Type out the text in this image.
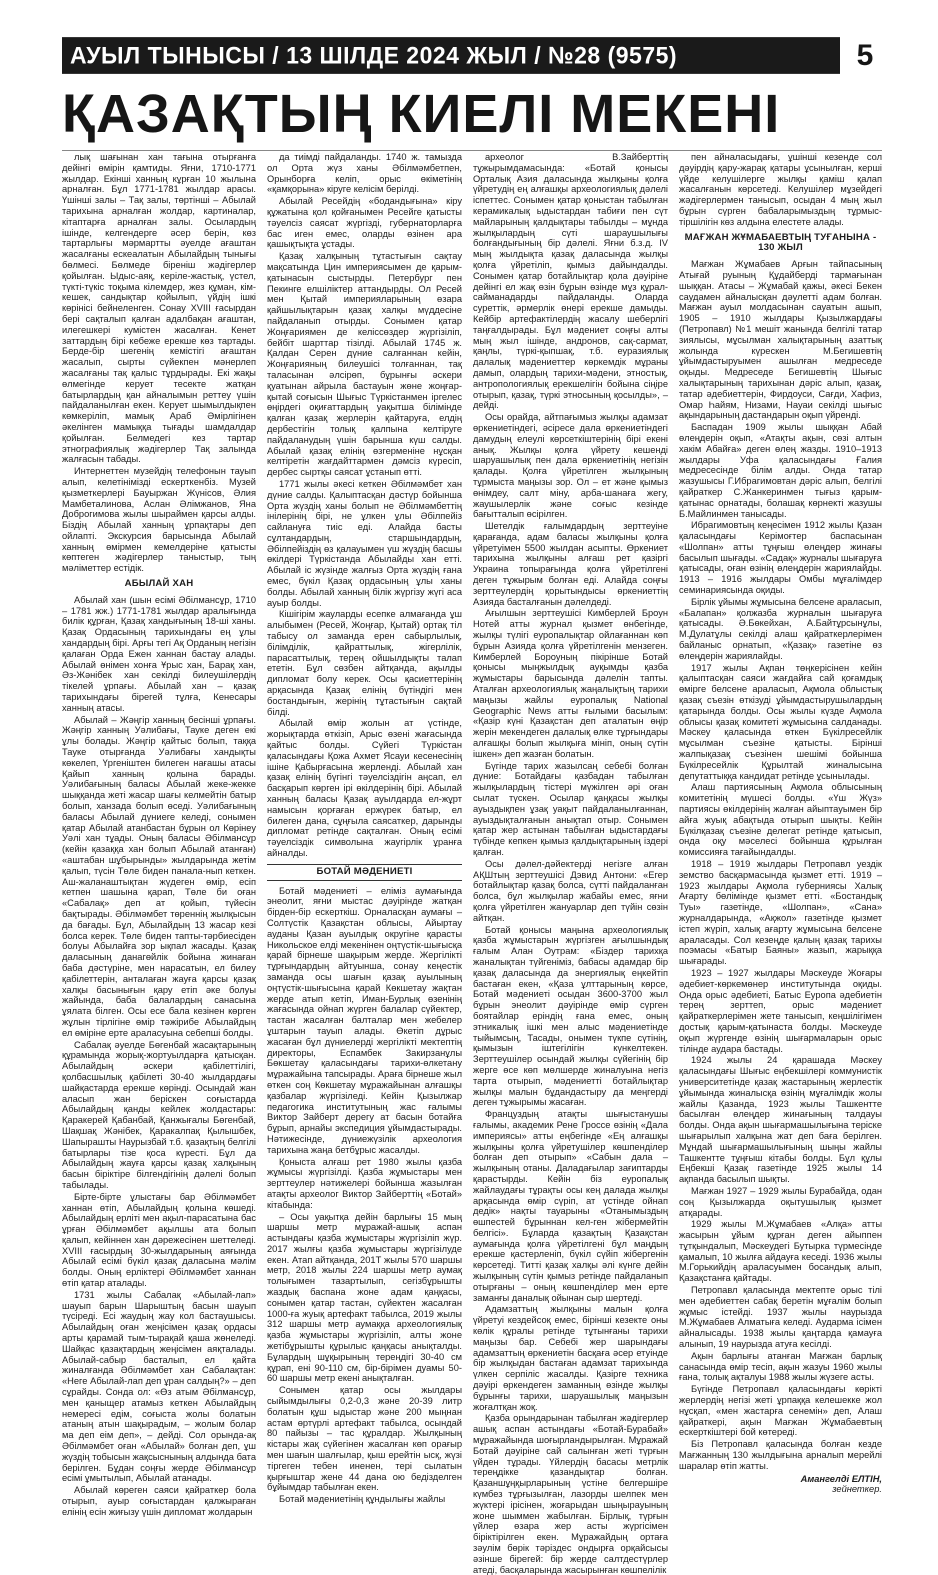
АУЫЛ ТЫНЫСЫ / 13 ШІЛДЕ 2024 ЖЫЛ / №28 (9575)	5
ҚАЗАҚТЫҢ КИЕЛІ МЕКЕНІ

лық шағынан хан тағына отырғанға дейінгі өмірін қамтиды. Яғни, 1710-1771 жылдар. Екінші ханның кұрған 10 жылына арналған. Бұл 1771-1781 жылдар арасы. Үшінші залы – Тақ залы, төртінші – Абылай тарихына арналған жолдар, картиналар, кітаптарға арналған залы. Осылардың ішінде, келгендерге әсер берін, көз тартарлығы мәрмартты әуелде ағаштан жасалғаны ескеалатын Абылайдың тынығы бөлмесі. Бөлмеде біреніш жәдігерлер қойылған. Ыдыс-аяқ, керіле-жастық, үстел, түкті-түкіс тоқыма кілемдер, жез құман, кім-кешек, сандықтар қойылып, үйдің ішкі көрінісі бейнеленген. Сонау XVIII ғасырдан бері сақталып қалған адалбақан ағаштан, илегешкері кумістен жасалған. Кенет заттардың бірі кебеже ерекше көз тартады. Берде-бір шегенің кемістігі ағаштан жасалып, сырты сүйекпен мәнерлеп жасалғаны тақ қалыс тұрдырады. Екі жақы өлмегінде керует тесекте жатқан батырлардың қан айналымын реттеу үшін пайдаланылған екен. Керует шымылдықпен көмкеріліп, мамық Араб Әмірлігінен әкелінген мамыққа тығады шамдалдар қойылған. Белмедегі кез тартар этнографиялық жәдігерлер Тақ залында жалғасын табады.

Интернеттен музейдің телефонын тауып алып, келетінімізді ескерткенбіз. Музей қызметкерлері Бауыржан Жүнісов, Әлия Мамбеталинова, Аслан Әлімжанов, Яна Доброгимова жылы шыраймен қарсы алды. Біздің Абылай ханның ұрпақтары деп ойлапті. Экскурсия барысында Абылай ханның өмірмен кемелдеріне қатысты көптеген жәдігерлер таныстыр, тың мәліметтер естідік.

АБЫЛАЙ ХАН

Абылай хан (шын есімі Әбілмансұр, 1710 – 1781 жж.) 1771-1781 жылдар аралығында билік құрған, Қазақ хандығының 18-ші ханы. Қазақ Ордасының тарихындағы ең ұлы хандардың бірі. Арғы тегі Ақ Орданың негізін қалаған Орда Ежен ханнан бастау алады. Абылай өнімен хонға Ұрыс хан, Барақ хан, Әз-Жәнібек хан секілді билеушілердің тікелей ұрпағы. Абылай хан – қазақ тарихындағы бірегей тұлға, Кенесары ханның атасы.

Абылай – Жәңгір ханның бесінші ұрпағы. Жәңгір ханның Уәлибағы, Тауке деген екі ұлы болады. Жәңгір қайтыс болып, таққа Тауке отырғанда Уәлибағы хандықты көкелеп, Үргеніштен билеген нағашы атасы Қайып ханның қолына барады. Уәлибағының баласы Абылай жеке-жекке шыққанда жеті жасар шағы келмейтін батыр болып, ханзада болып өседі. Уәлибағының баласы Абылай дүниеге келеді, сонымен қатар Абылай атанбастан бұрын ол Көрінеу Уәлі хан тұады. Оның баласы Әбілмансұр (кейін қазаққа хан болып Абылай атанған) «аштабан шұбырынды» жылдарында жетім қалып, түсін Төле биден панала-нып кеткен. Аш-жаланаштықтан жүдеген өмір, есіп кетпен шашына қарап, Төле би оған «Сабалақ» деп ат қойып, түйесін бақтырады. Әбілмәмбет төреннің жылқысын да бағады. Бұл, Абылайдың 13 жасар кезі болса керек. Төле биден тапты-тәрбиесіден болуы Абылайға зор ықпал жасады. Қазақ даласының данагөйлік бойына жинаған баба дәстүріне, мен нарасатын, ел билеу қабілеттерін, анталаған жауға қарсы қазақ халқы басынығын қару етіп әке болуы жайында, баба балалардың санасына ұялата білген. Осы есе бала кезінен көрген жұлын тірлігіне өмір тәжірибе Абылайдың ел өміріне ерте араласуына себепші болды.

Сабалақ әуелде Бөгенбай жасақтарының құрамында жорық-жортуылдарға қатысқан. Абылайдың әскери қабілеттілігі, қолбасшылық қабілеті 30-40 жылдардағы шайқастарда ерекше көрінді. Осындай жан аласып жан беріскен соғыстарда Абылайдың қанды кейлек жолдастары: Қаракерей Қабанбай, Қанжығалы Бөгенбай, Шақшақ Жәнібек, Қаракалпақ Қылышбек, Шапырашты Наурызбай т.б. қазақтың белгілі батырлары тізе қоса күресті. Бұл да Абылайдың жауға қарсы қазақ халқының басын біріктіре білгендігінің дәлелі болып табылады.

Бірте-бірте ұлыстағы бар Әбілмәмбет ханнан өтіп, Абылайдың қолына көшеді. Абылайдың ерліті мен ақыл-парасатына бас ұрған Әбілмәмбет ақылшы ата болып қалып, кейіннен хан дәрежесінен шеттеледі. XVIII ғасырдың 30-жылдарының аяғында Абылай есімі бүкіл қазақ даласына мәлім болды. Оның ерліктері Әбілмәмбет ханнан өтіп қатар аталады.

1731 жылы Сабалақ «Абылай-лап» шауып барын Шарыштың басын шауып түсіреді. Есі жаудың жау кол бастаушысы. Абылайдың оған жеңісімен қазақ ордасы арты қарамай тым-тырақай қаша жөнеледі. Шайқас қазақтардың жеңісімен аяқталады. Абылай-сабыр басталып, ел қайта жиналғанда Әбілмәмбет хан Сабалақтан: «Неге Абылай-лап деп ұран салдың?» – деп сұрайды. Сонда ол: «Өз атым Әбілмансұр, мен қаныщер атамыз кеткен Абылайдың немересі едім, соғыста жолы болатын атаның атын шақырадым, – жолым болар ма деп еім деп», – дейді. Сол орында-ақ Әбілмәмбет оған «Абылай» болған деп, ұш жүздің тобысын жақсыснының алдында бата берілген. Бұдан соңғы жерде Әбілмансұр есімі ұмытылып, Абылай атанады.

Абылай көреген саяси қайраткер бола отырып, ауыр соғыстардан қалжыраған елінің есін жиғызу үшін дипломат жолдарын

да тиімді пайдаланды. 1740 ж. тамызда ол Орта жүз ханы Әбілмәмбетпен, Орынборға келіп, орыс өкіметінің «қамқорына» кіруге келісім берілді.

Абылай Ресейдің «бодандығына» кіру құжатына қол қойғанымен Ресейге қатысты тәуелсіз саясат жүргізді, губернаторларға бас иген емес, оларды өзінен ара қашықтықта ұстады.

Қазақ халқының тұтастығын сақтау мақсатында Цин империясымен де қарым-қатынасын сыстырды. Петербург пен Пекинге елшіліктер аттандырды. Ол Ресей мен Қытай империяларының өзара қайшылықтарын қазақ халқы мүддесіне пайдаланып отырды. Сонымен қатар Жоңғариямен де келіссөздер жүргізіліп, бейбіт шарттар тізілді. Абылай 1745 ж. Қалдан Серен дүние салғаннан кейін, Жоңғарияның билеушісі толғаннан, тақ таласынан әлсірөп, бұрынғы әскери қуатынан айрыла бастауын жөне жоңғар-қытай соғысын Шығыс Түркістанмен іргелес өңірдегі оқиғаттардың уақытша білімінде қалған қазақ жерлерін қайтаруға, елдің дербестігін толық қалпына келтіруге пайдаланудың үшін барынша күш салды. Абылай қазақ елінің өзгерменіне нұсқан келтіретін жағдайттармен дәмсіз күресіп, дербес сыртқы саясат ұстанып өтті.

1771 жылы әкесі кеткен Әбілмәмбет хан дүние салды. Қалыптасқан дәстүр бойынша Орта жүздің ханы болып не Әбілмәмбеттің інілерінің бірі, не ұлкен ұлы Әбілпейіз сайлануға тиіс еді. Алайда басты сұлтандардың, старшындардың, Әбілпейіздің өз қалауымен үш жүздің басшы өкілдері Түркістанда Абылайды хан етті. Абылай іс жүзінде жалғыз Орта жүздің ғана емес, бүкіл Қазақ ордасының ұлы ханы болды. Абылай ханның білік жүргізу жүгі аса ауыр болды.

Кішігірім жауларды есепке алмағанда ұш алыбымен (Ресей, Жоңғар, Қытай) ортақ тіл табысу ол заманда ерен сабырлылық, білімділік, қайраттылық, жігерлілік, парасаттылық, терең ойшылдықты талап ететін. Бұл сөзбен айтқанда, ақылды дипломат болу керек. Осы қасиеттерінің арқасында Қазақ елінің бүтіндігі мен бостандығын, жерінің тұтастығын сақтай білді.

Абылай өмір жолын ат үстінде, жорықтарда өткізіп, Арыс өзені жағасында қайтыс болды. Сүйегі Түркістан қаласындағы Қожа Ахмет Ясауи кесенесінің ішіне Қабырғасына жерленді. Абылай хан қазақ елінің бүгінгі тәуелсіздігін аңсап, ел басқарып көрген ірі өкілдерінің бірі. Абылай ханның баласы Қазақ ауылдарда ел-жұрт намысын қорғаған ержүрек батыр, ел билеген дана, сұңғыла саясаткер, дарынды дипломат ретінде сақталған. Оның есімі тәуелсіздік символына жаугірлік ұранға айналды.

БОТАЙ МӘДЕНИЕТІ

Ботай мәдениеті – еліміз аумағында энеолит, яғни мыстас дәуірінде жатқан бірден-бір ескерткіш. Орналасқан аумағы – Солтүстік Қазақстан облысы, Айыртау ауданы Қазан ауылдық округіне қарасты Никольское елді мекенінен оңтүстік-шығысқа қарай бірнеше шақырым жерде. Жергілікті тұрғындардың айтуынша, сонау кеңестік заманда осы шағын қазақ ауылының оңтүстік-шығысына қарай Көкшетау жақтан жерде атып кетіп, Иман-Бурлық өзенінің жағасында ойнап жүрген балалар сүйектер, тастан жасалған балталар мен жебелер ұштарын тауып алады. Өкетіп дұрыс жасаған бұл дүниелерді жергілікті мектептің директоры, Еспамбек Закирзанұлы Бөкшетау қаласындағы тарихи-өлкетану мұражайына тапсырады. Араға бірнеше жыл өткен соң Көкшетау мұражайынан алғашқы қазбалар жүргізіледі. Кейін Қызылжар педагогика институтының жас ғалымы Виктор Зайберт дерегу ат басын ботайға бұрып, арнайы экспедиция ұйымдастырады. Нәтижесінде, дүниежүзілік археология тарихына жаңа бетбұрыс жасалды.

Қоныста алғаш рет 1980 жылы қазба жұмысы жүргізілді. Қазба жұмыстары мен зерттеулер нәтижелері бойынша жазылған атақты археолог Виктор Зайберттің «Ботай» кітабында:

– Осы уақытқа дейін барлығы 15 мың шаршы метр мұражай-ашық аспан астындағы қазба жұмыстары жүргізіліп жүр. 2017 жылғы қазба жұмыстары жүргізілуде екен. Атап айтқанда, 201Т жылы 570 шаршы метр, 2018 жылы 224 шаршы метр аумақ толығымен тазартылып, сегізбұрышты жаздық баспана жоне адам қаңқасы, сонымен қатар тастан, сүйектен жасалған 1000-ға жуық артефакт табылса, 2019 жылы 312 шаршы метр аумаққа археологиялық қазба жұмыстары жүргізіліп, алты жоне жетібұрышты құрылыс қаңқасы анықталды. Бұлардың шұқырының тереңдігі 30-40 см құрап, ені 90-110 см, бір-бірімен дуамы 50-60 шаршы метр екені анықталған.

Сонымен қатар осы жылдары сыйымдылығы 0,2-0,3 және 20-39 литр болатын құш ыдыстар және 200 мыңнан астам өртүрлі артефакт табылса, осындай 80 пайызы – тас құралдар. Жылқының кістары жақ сүйегінен жасалған көп орағыр мен шағын шалғылар, қыш ерейтін ысқ, жүзі тіргеген тебен иненен, тері сылатын қырғыштар жене 44 дана ою бедізделген бұйымдар табылған екен.

Ботай мәдениетінің құндылығы жайлы

археолог В.Зайберттің тұжырымдамасында: «Ботай қонысы Орталық Азия даласында жылқыны қолға үйретудің ең алғашқы археологиялық дәлелі іспеттес. Сонымен қатар қоныстан табылған керамикалық ыдыстардан табиғи пен сүт майларының қалдықтары табылды – мұнда жылқылардың сүті шараушылығы болғандығының бір дәлелі. Яғни б.з.д. IV мың жылдықта қазақ даласында жылқы қолға үйретіліп, қымыз дайындалды. Сонымен қатар ботайлықтар қола дәуіріне дейінгі ел жақ өзін бұрын өзінде мұз құрал-сайманадарды пайдаланды. Оларда суреттік, әрмерлік өнері ерекше дамыды. Кейбір артефактілердің жасалу шеберлігі таңғалдырады. Бұл мәдениет соңғы алты мың жыл ішінде, андронов, сақ-сармат, қаңлы, түркі-қыпшақ, т.б. еуразиялық далалық мәдениеттер көркемдік мұраны дамып, олардың тарихи-мәдени, этностық, антропологиялық ерекшелігін бойына сіңіре отырып, қазақ, түркі этносының қосылды», – дейді.

Осы орайда, айтпағымыз жылқы адамзат өркениетіндегі, әсіресе дала өркениетіндегі дамудың елеулі көрсеткіштерінің бірі екені анық. Жылқы қолға үйрету кешенді шаруашылық пен дала өркениетінің негізін қалады. Қолға үйретілген жылқының тұрмыста маңызы зор. Ол – ет және қымыз өнімдеу, салт міну, арба-шанаға жегу, жаушылерлік және соғыс кезінде бағытталып өсірілген.

Шетелдік ғалымдардың зерттеуіне қарағанда, адам баласы жылқыны қолға үйретуімен 5500 жылдан асыпты. Өркениет тарихына жылқыны алғаш рет қазіргі Украина топырағында қолға үйретілгені деген тұжырым болған еді. Алайда соңғы зерттеулердің қорытындысы өркениеттің Азияда басталғанын дәлелдеді.

Ағылшын зерттеушісі Кимберлей Броун Нотей атты журнал қызмет өнбегінде, жылқы түлігі еуропалықтар ойлағаннан көп бұрын Азияда қолға үйретілгенін мензеген. Кимберлей Бороуның пікірінше Ботай қонысы мыңжылдық ауқымды қазба жұмыстары барысында дәлелін тапты. Аталған археологиялық жаңалықтың тарихи маңызы жайлы еуропалық National Geographic News атты ғылыми басылым: «Қазір күні Қазақстан деп аталатын өңір жерін мекендеген далалық өлке тұрғындары алғашқы болып жылқыға мініп, оның сүтін ішкен» деп жазған болатын.

Бүгінде тарих жазылсаң себебі болған дүние: Ботайдағы қазбадан табылған жылқылардың тістері мүжілген әрі оған сылат түскен. Осылар қаңқасы жылқы ауыздықпен ұзақ уақыт пайдаланылғаннан, ауыздықталғанын анықтап отыр. Сонымен қатар жер астынан табылған ыдыстардағы түбінде кепкен қымыз қалдықтарының іздері қалған.

Осы дәлел-дәйектерді негізге алған АҚШтың зерттеушісі Дэвид Антони: «Егер ботайлықтар қазақ болса, сүтті пайдаланған болса, бұл жылқылар жабайы емес, яғни қолға үйретілген жануарлар деп түйін сөзін айтқан.

Ботай қонысы маңына археологиялық қазба жұмыстарын жүргізген ағылшындық ғалым Алан Оутрам: «Біздер тарихқа жаналықтан түйгеніміз, бабасы адамдар бір қазақ даласында да энергиялық еңкейтіп бастаған екен, «Қаза ұлттарының көрсе, Ботай мәдениеті осыдан 3600-3700 жыл бұрын энеолит дәуірінде өмір сүрген боятайлар еріндің ғана емес, оның этникалық ішкі мен алыс мәдениетінде тыйымсың, Тасады, онымен түкпе сүтінің, қымызын іштегілігін күнкелтекен. Зерттеушілер осындай жылқы сүйегінің бір жерге өсе көп мөлшерде жиналуына негіз тарта отырып, мәдениетті ботайлықтар жылқы малын бұдандастыру да меңгерді деген тұжырымы жасаған.

Француздың атақты шығыстанушы ғалымы, академик Рене Гроссе өзінің «Дала империясы» атты еңбегінде «Ең алғашқы жылқыны қолға үйретушілер көшпенділер болған деп отырып» «Сабын дала – жылқының отаны. Даладағылар зағиптарды қарастырды. Кейін біз еуропалық жайлаудағы тұрақты осы кең далада жылқы арқасында өмір сүріп, ат үстінде ойнап дедік» нақты тауарыны «Отанымыздың өшпестей бұрыннан кел-ген жібермейтін белгісі». Бұларда қазақтың Қазақстан аумағында қолға үйретілгені бұл маңдың ерекше қастерленіп, бүкіл сүйіп жібергенін көрсетеді. Титті қазақ халқы әлі күнге дейін жылқының сүтін қымыз ретінде пайдаланып отырғаны – оның көшпенділер мен ерте заманғы даналық ойынан сыр шертеді.

Адамзаттың жылқыны малын қолға үйретуі кездейсоқ емес, бірінші кезекте оны көлік құралы ретінде тұтынғаны тарихи маңызы бар. Себебі жер шарындағы адамзаттың өркениетін басқаға әсер етуінде бір жылқыдан бастаған адамзат тарихында үлкен серпіліс жасалды. Қазірге техника дәуірі өркендеген заманның өзінде жылқы бұрынғы тарихи, шаруашылық маңызын жоғалтқан жоқ.

Қазба орындарынан табылған жәдігерлер ашық аспан астындағы «Ботай-Бурабай» мұражайында шоғырландырылған. Мұражай Ботай дәуіріне сай салынған жеті түрғын үйден тұрады. Үйлердің басасы метрлік тереңдікке қазандықтар болған. Қазаншұңқырларының үстіне белгершіре күмбез тұрғызылған, лазорды шелпек мен жүктері ірісінен, жоғарыдан шыңырауының жоне шыммен жабылған. Бірлық, түрғын үйлер өзара жер асты жүргісімен біріктірілген екен. Мұражайдың ортаға зәулім бөрік тәріздес ондырға орқайсысы әзінше бірегей: бір жерде салтдестүрлер атеді, басқаларында жасырынған көшпелілік

пен айналасыдағы, ұшінші кезенде сол дәуірдің қару-жарақ қатары ұсынылған, керші үйде келушілерге жылқы қаміш қалап жасалғанын көрсетеді. Келушілер мұзейдегі жәдігерлермен танысып, осыдан 4 мың жыл бұрын сүрген бабаларымыздың тұрмыс-тіршілігін көз алдына елестете алады.

МАҒЖАН ЖҰМАБАЕВТЫҢ ТУҒАНЫНА - 130 ЖЫЛ

Мағжан Жұмабаев Арғын тайпасының Атығай руының Құдайберді тармағынан шыққан. Атасы – Жұмабай қажы, әкесі Бекен саудамен айналысқан дәулетті адам болған. Мағжан ауыл молдасынан сауатын ашып, 1905 – 1910 жылдары Қызылжардағы (Петропавл) №1 мешіт жанында белгілі татар зиялысы, мұсылман халықтарының азаттық жолында күрескен М.Бегишевтің ұйымдастыруымен ашылған медреседе оқыды. Медреседе Бегишевтің Шығыс халықтарының тарихынан дәріс алып, қазақ, татар әдебиеттерін, Фирдоуси, Сағди, Хафиз, Омар Һайям, Низами, Науаи секілді шығыс ақындарының дастандарын оқып үйренді.

Баспадан 1909 жылы шыққан Абай өлеңдерін оқып, «Атақты ақын, сөзі алтын хакім Абайға» деген өлең жазды. 1910–1913 жылдары Уфа қаласындағы Ғалия медресесінде білім алды. Онда татар жазушысы Г.Ибрагимовтан дәріс алып, белгілі қайраткер С.Жанкеринмен тығыз қарым-қатынас орнатады, болашақ көрнекті жазушы Б.Майлинмен танысады.

Ибрагимовтың кеңесімен 1912 жылы Қазан қаласындағы Керімоғтер баспасынан «Шолпан» атты тұңғыш өлеңдер жинағы басылып шығады. «Садақ» журналы шығаруға қатысады, оған өзінің өлеңдерін жариялайды. 1913 – 1916 жылдары Омбы мұғалімдер семинариясында оқиды.

Бірлік ұйымы жұмысына белсене араласып, «Балапан» қолжазба журналын шығаруға қатысады. Ә.Бөкейхан, А.Байтұрсынұлы, М.Дулатұлы секілді алаш қайраткерлерімен байланыс орнатып, «Қазақ» газетіне өз өлеңдерін жариялайды.

1917 жылы Ақпан төңкерісінен кейін қалыптасқан саяси жағдайға сай қоғамдық өмірге белсене араласып, Ақмола облыстық қазақ съезін өткізуді ұйымдастырушылардың қатарында болды. Осы жылы күзде Ақмола облысы қазақ комитеті жұмысына салданады. Мәскеу қаласында өткен Бүкілресейлік мұсылман съезіне қатысты. Бірінші жалпықазақ съезінен шешімі бойынша Бүкілресейлік Құрылтай жиналысына депутаттыққа кандидат ретінде ұсынылады.

Алаш партиясының Ақмола облысының комитетінің мүшесі болды. «Үш Жүз» партиясы өкілдерінің жалған айыптауымен бір айға жуық абақтыда отырып шықты. Кейін Бүкілқазақ съезіне делегат ретінде қатысып, онда оқу мәселесі бойынша құрылған комиссияға тағайындалды.

1918 – 1919 жылдары Петропавл уездік земство басқармасында қызмет етті. 1919 – 1923 жылдары Ақмола губерниясы Халық Ағарту бөлімінде қызмет етті. «Бостандық Туы» газетінде, «Шолпан», «Сана» журналдарында, «Ақжол» газетінде қызмет істеп жүріп, халық ағарту жұмысына белсене араласады. Сол кезеңде қалың қазақ тарихы поэмасы «Батыр Баяны» жазып, жарыққа шығарады.

1923 – 1927 жылдары Мәскеуде Жоғары әдебиет-көркемөнер институтында оқиды. Онда орыс әдебиеті, Батыс Еуропа әдебиетін терең зерттеп, орыс мәдениет қайраткерлерімен жете танысып, кеңшілігімен достық қарым-қатынаста болды. Мәскеуде оқып жүргенде өзінің шығармаларын орыс тілінде аудара бастады.

1924 жылы 24 қарашада Мәскеу қаласындағы Шығыс еңбекшілері коммунистік университетінде қазақ жастарының жерлестік ұйымында жиналысқа өзінің мұғалімдік жолы жайлы Қазанда, 1923 жылы Ташкентте басылған өлеңдер жинағының талдауы болды. Онда ақын шығармашылығына теріске шығарылып халқына жат деп баға берілген. Мұндай шығармашылығының шыңы жайлы Ташкентте тұңғыш кітабы болды. Бұл құлы Еңбекші Қазақ газетінде 1925 жылы 14 ақпанда басылып шықты.

Мағжан 1927 – 1929 жылы Бурабайда, одан соң Қызылжарда оқытушылық қызмет атқарады.

1929 жылы М.Жұмабаев «Алқа» атты жасырын ұйым құрған деген айыппен тұтқындалып, Мәскеудегі Бутырка түрмесінде қамалып, 10 жылға айдауға кеседі. 1936 жылы М.Горькийдің араласуымен босандық алып, Қазақстанға қайтады.

Петропавл қаласында мектепте орыс тілі мен әдебиеттен сабақ беретін мұғалім болып жұмыс істейді. 1937 жылы наурызда М.Жұмабаев Алматыға келеді. Аударма ісімен айналысады. 1938 жылы қаңтарда қамауға алынып, 19 наурызда атуға кесілді.

Ақын барлығы атанған Мағжан барлық санасында өмір тесіп, ақын жазуы 1960 жылы ғана, толық ақталуы 1988 жылы жүзеге асты.

Бүгінде Петропавл қаласындағы көрікті жерлердің негізі жеті ұрпаққа келешекке жол нұсқап, «мен жастарға сенемін» деп, Алаш қайраткері, ақын Мағжан Жұмабаевтың ескерткіштері бой көтереді.

Біз Петропавл қаласында болған кезде Мағжанның 130 жылдығына арналып мерейлі шаралар өтіп жатты.

Амангелді ЕЛТІН,
зейнеткер.
